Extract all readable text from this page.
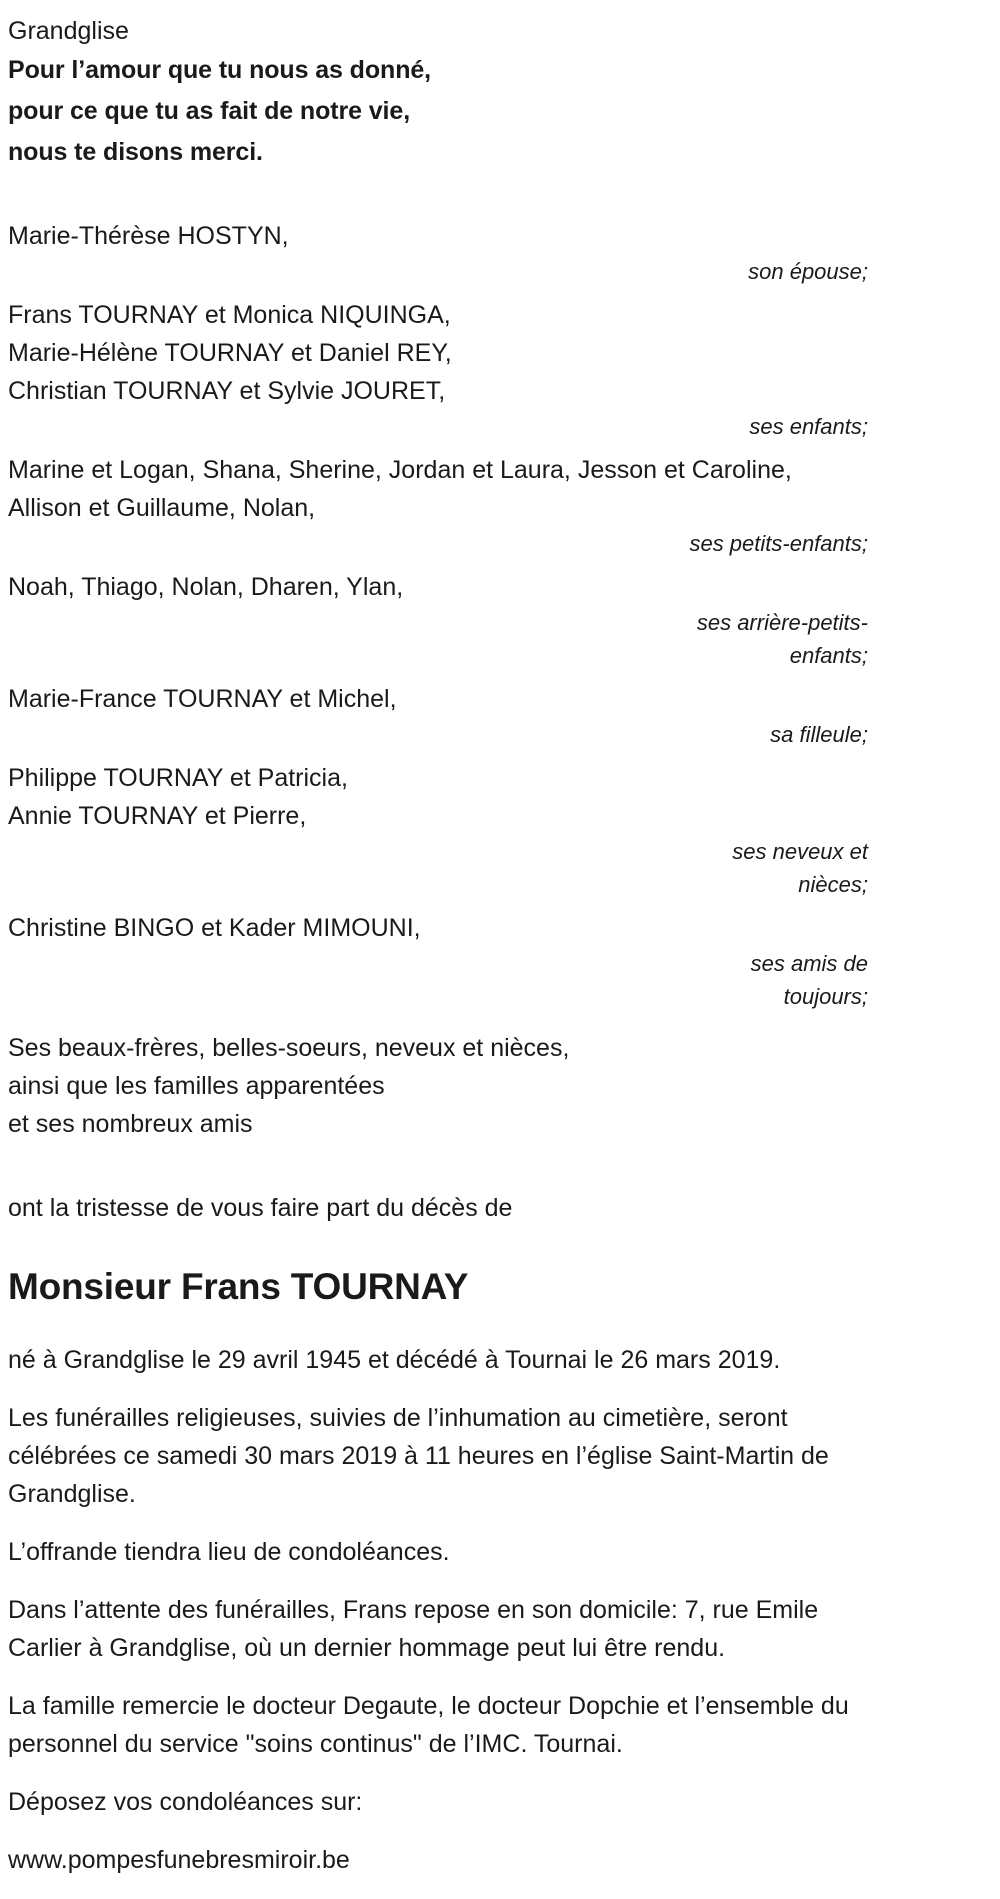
Grandglise
Pour l’amour que tu nous as donné,
pour ce que tu as fait de notre vie,
nous te disons merci.
Marie-Thérèse HOSTYN,
son épouse;
Frans TOURNAY et Monica NIQUINGA,
Marie-Hélène TOURNAY et Daniel REY,
Christian TOURNAY et Sylvie JOURET,
ses enfants;
Marine et Logan, Shana, Sherine, Jordan et Laura, Jesson et Caroline,
Allison et Guillaume, Nolan,
ses petits-enfants;
Noah, Thiago, Nolan, Dharen, Ylan,
ses arrière-petits-enfants;
Marie-France TOURNAY et Michel,
sa filleule;
Philippe TOURNAY et Patricia,
Annie TOURNAY et Pierre,
ses neveux et nièces;
Christine BINGO et Kader MIMOUNI,
ses amis de toujours;
Ses beaux-frères, belles-soeurs, neveux et nièces,
ainsi que les familles apparentées
et ses nombreux amis
ont la tristesse de vous faire part du décès de
Monsieur Frans TOURNAY

né à Grandglise le 29 avril 1945 et décédé à Tournai le 26 mars 2019.

Les funérailles religieuses, suivies de l’inhumation au cimetière, seront célébrées ce samedi 30 mars 2019 à 11 heures en l’église Saint-Martin de Grandglise.

L’offrande tiendra lieu de condoléances.

Dans l’attente des funérailles, Frans repose en son domicile: 7, rue Emile Carlier à Grandglise, où un dernier hommage peut lui être rendu.

La famille remercie le docteur Degaute, le docteur Dopchie et l’ensemble du personnel du service "soins continus" de l’IMC. Tournai.

Déposez vos condoléances sur:

www.pompesfunebresmiroir.be
